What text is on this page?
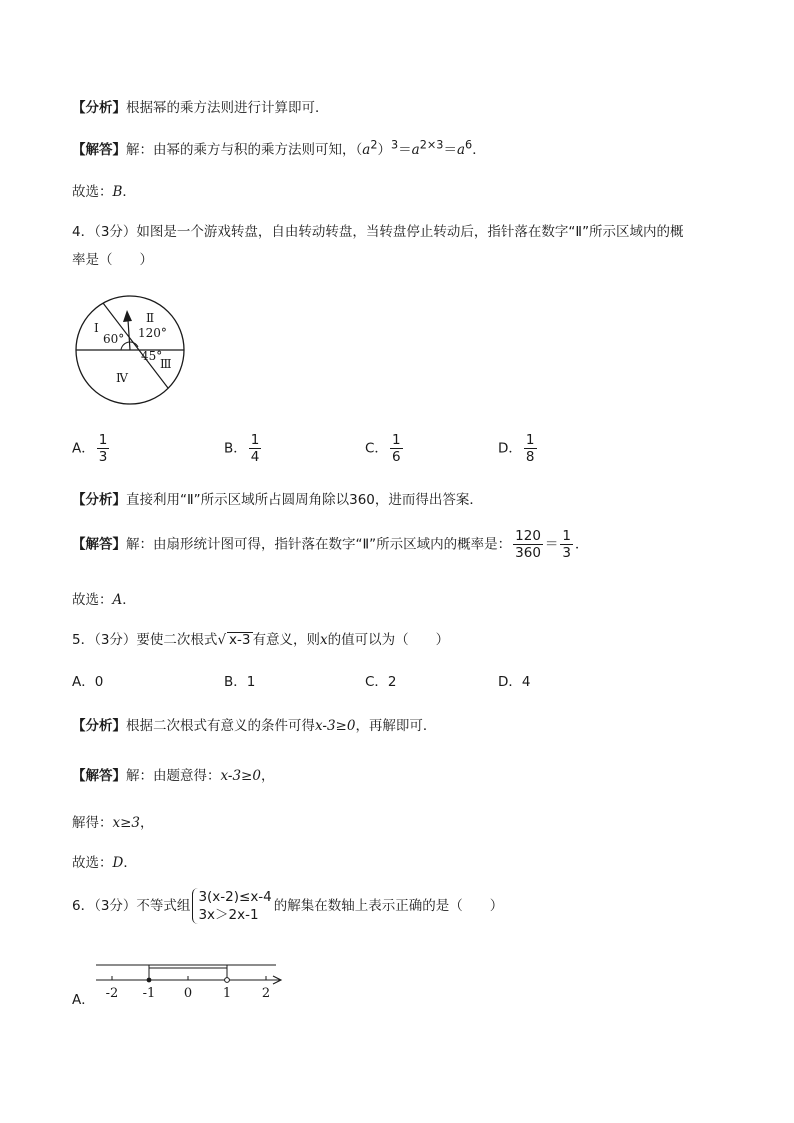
【分析】根据幂的乘方法则进行计算即可．
【解答】解：由幂的乘方与积的乘方法则可知，$(a^2)^3=a^{2\times 3}=a^6$．
故选：B．
4．（3分）如图是一个游戏转盘，自由转动转盘，当转盘停止转动后，指针落在数字“Ⅱ”所示区域内的概
率是（　　）
Ⅰ
Ⅱ
Ⅲ
Ⅳ
60° 120°
45°
A． $\frac{1}{3}$	B． $\frac{1}{4}$	C． $\frac{1}{6}$	D． $\frac{1}{8}$
【分析】直接利用“Ⅱ”所示区域所占圆周角除以360，进而得出答案．
【解答】解：由扇形统计图可得，指针落在数字“Ⅱ”所示区域内的概率是： $\frac{120}{360} = \frac{1}{3}$ ．
故选：A．
5．（3分）要使二次根式√ x-3 有意义，则x的值可以为（　　）
A．0	B．1	C．2	D．4
【分析】根据二次根式有意义的条件可得x-3≥0，再解即可．
【解答】解：由题意得：x-3≥0，
解得：x≥3，
故选：D．
6．（3分）不等式组
3(x-2)≤x-4
3x＞2x-1
的解集在数轴上表示正确的是（　　）
A． -2 -1 0 1 2
